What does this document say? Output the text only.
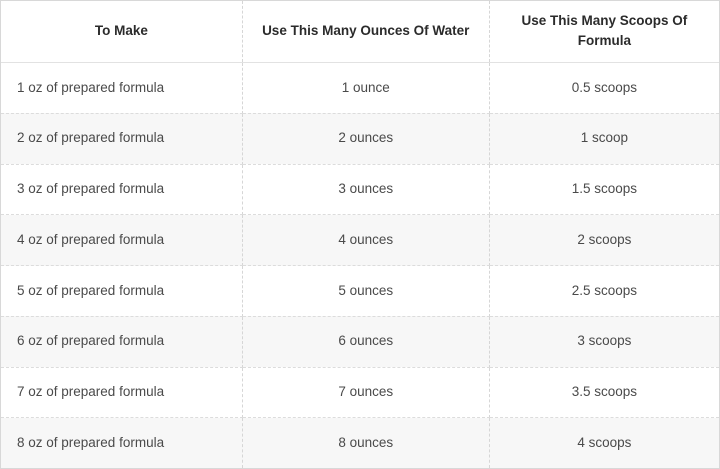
To Make	Use This Many Ounces Of Water	Use This Many Scoops Of Formula
1 oz of prepared formula	1 ounce	0.5 scoops
2 oz of prepared formula	2 ounces	1 scoop
3 oz of prepared formula	3 ounces	1.5 scoops
4 oz of prepared formula	4 ounces	2 scoops
5 oz of prepared formula	5 ounces	2.5 scoops
6 oz of prepared formula	6 ounces	3 scoops
7 oz of prepared formula	7 ounces	3.5 scoops
8 oz of prepared formula	8 ounces	4 scoops
